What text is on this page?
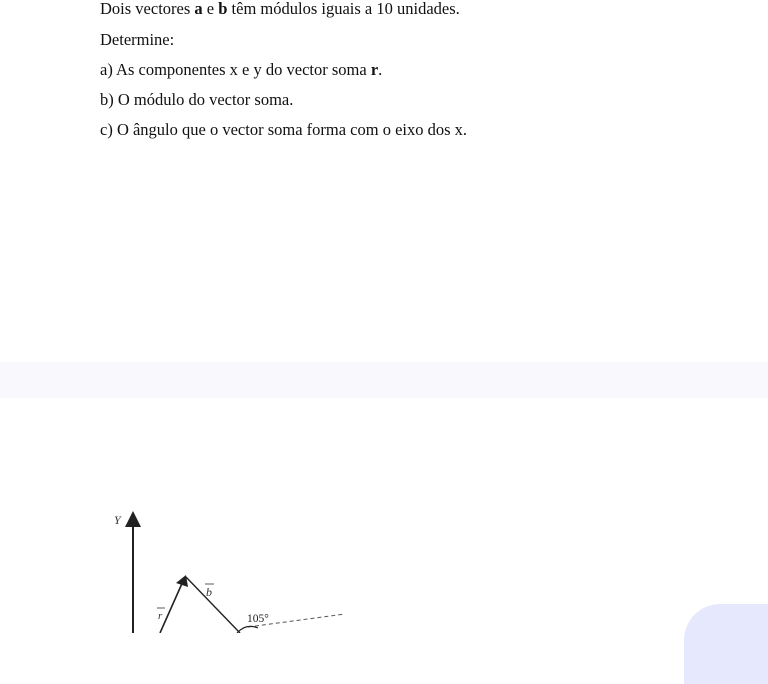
Dois vectores a e b têm módulos iguais a 10 unidades.
Determine:
a) As componentes x e y do vector soma r.
b) O módulo do vector soma.
c) O ângulo que o vector soma forma com o eixo dos x.
Y
b
r	105°
